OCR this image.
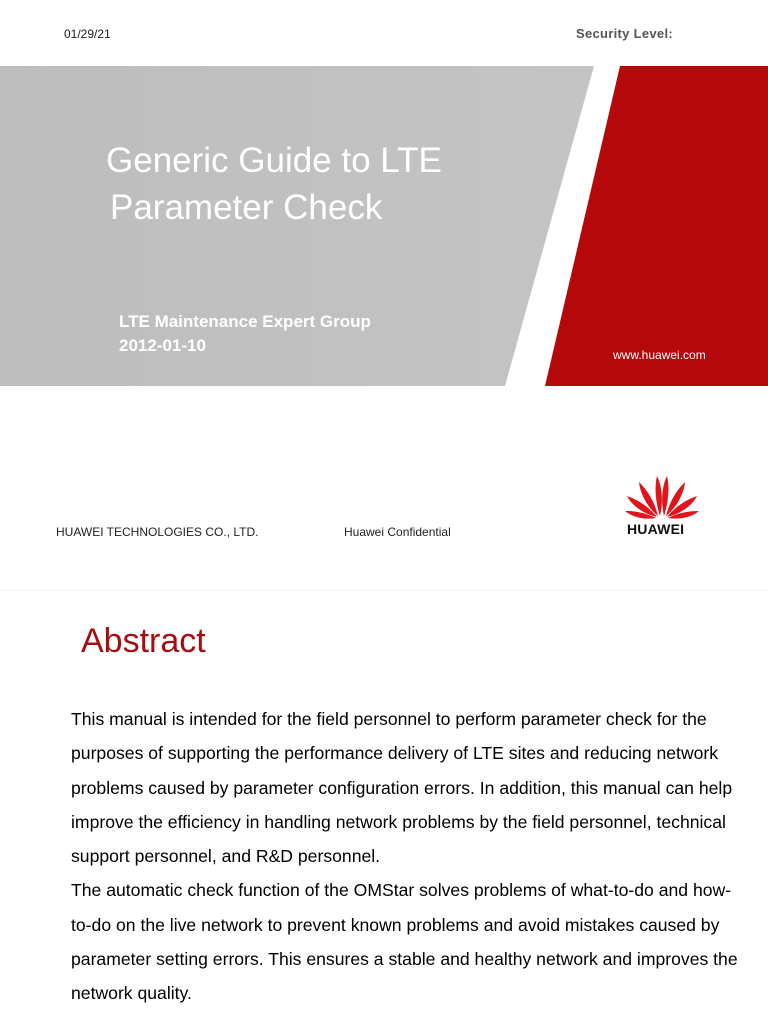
01/29/21	Security Level:
Generic Guide to LTE
Parameter Check
LTE Maintenance Expert Group
2012-01-10	www.huawei.com
HUAWEI TECHNOLOGIES CO., LTD.	Huawei Confidential	HUAWEI
Abstract

This manual is intended for the field personnel to perform parameter check for the purposes of supporting the performance delivery of LTE sites and reducing network problems caused by parameter configuration errors. In addition, this manual can help improve the efficiency in handling network problems by the field personnel, technical support personnel, and R&D personnel.

The automatic check function of the OMStar solves problems of what-to-do and how-to-do on the live network to prevent known problems and avoid mistakes caused by parameter setting errors. This ensures a stable and healthy network and improves the network quality.
